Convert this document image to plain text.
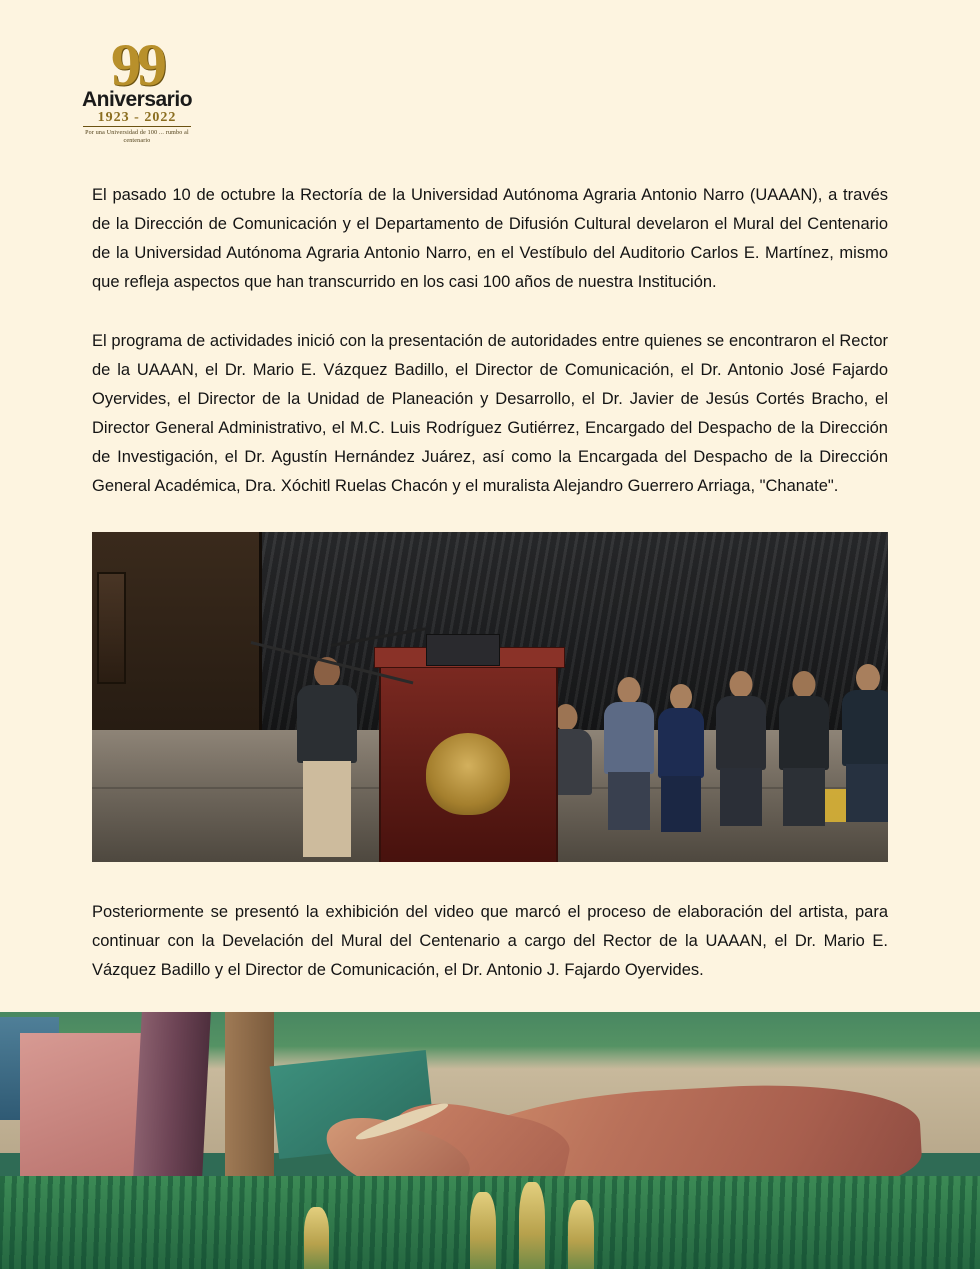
99
Aniversario
1923 - 2022
Por una Universidad de 100 ... rumbo al centenario

El pasado 10 de octubre la Rectoría de la Universidad Autónoma Agraria Antonio Narro (UAAAN), a través de la Dirección de Comunicación y el Departamento de Difusión Cultural develaron el Mural del Centenario de la Universidad Autónoma Agraria Antonio Narro, en el Vestíbulo del Auditorio Carlos E. Martínez, mismo que refleja aspectos que han transcurrido en los casi 100 años de nuestra Institución.

El programa de actividades inició con la presentación de autoridades entre quienes se encontraron el Rector de la UAAAN, el Dr. Mario E. Vázquez Badillo, el Director de Comunicación, el Dr. Antonio José Fajardo Oyervides, el Director de la Unidad de Planeación y Desarrollo, el Dr. Javier de Jesús Cortés Bracho, el Director General Administrativo, el M.C. Luis Rodríguez Gutiérrez, Encargado del Despacho de la Dirección de Investigación, el Dr. Agustín Hernández Juárez, así como la Encargada del Despacho de la Dirección General Académica, Dra. Xóchitl Ruelas Chacón y el muralista Alejandro Guerrero Arriaga, "Chanate".

Posteriormente se presentó la exhibición del video que marcó el proceso de elaboración del artista, para continuar con la Develación del Mural del Centenario a cargo del Rector de la UAAAN, el Dr. Mario E. Vázquez Badillo y el Director de Comunicación, el Dr. Antonio J. Fajardo Oyervides.
